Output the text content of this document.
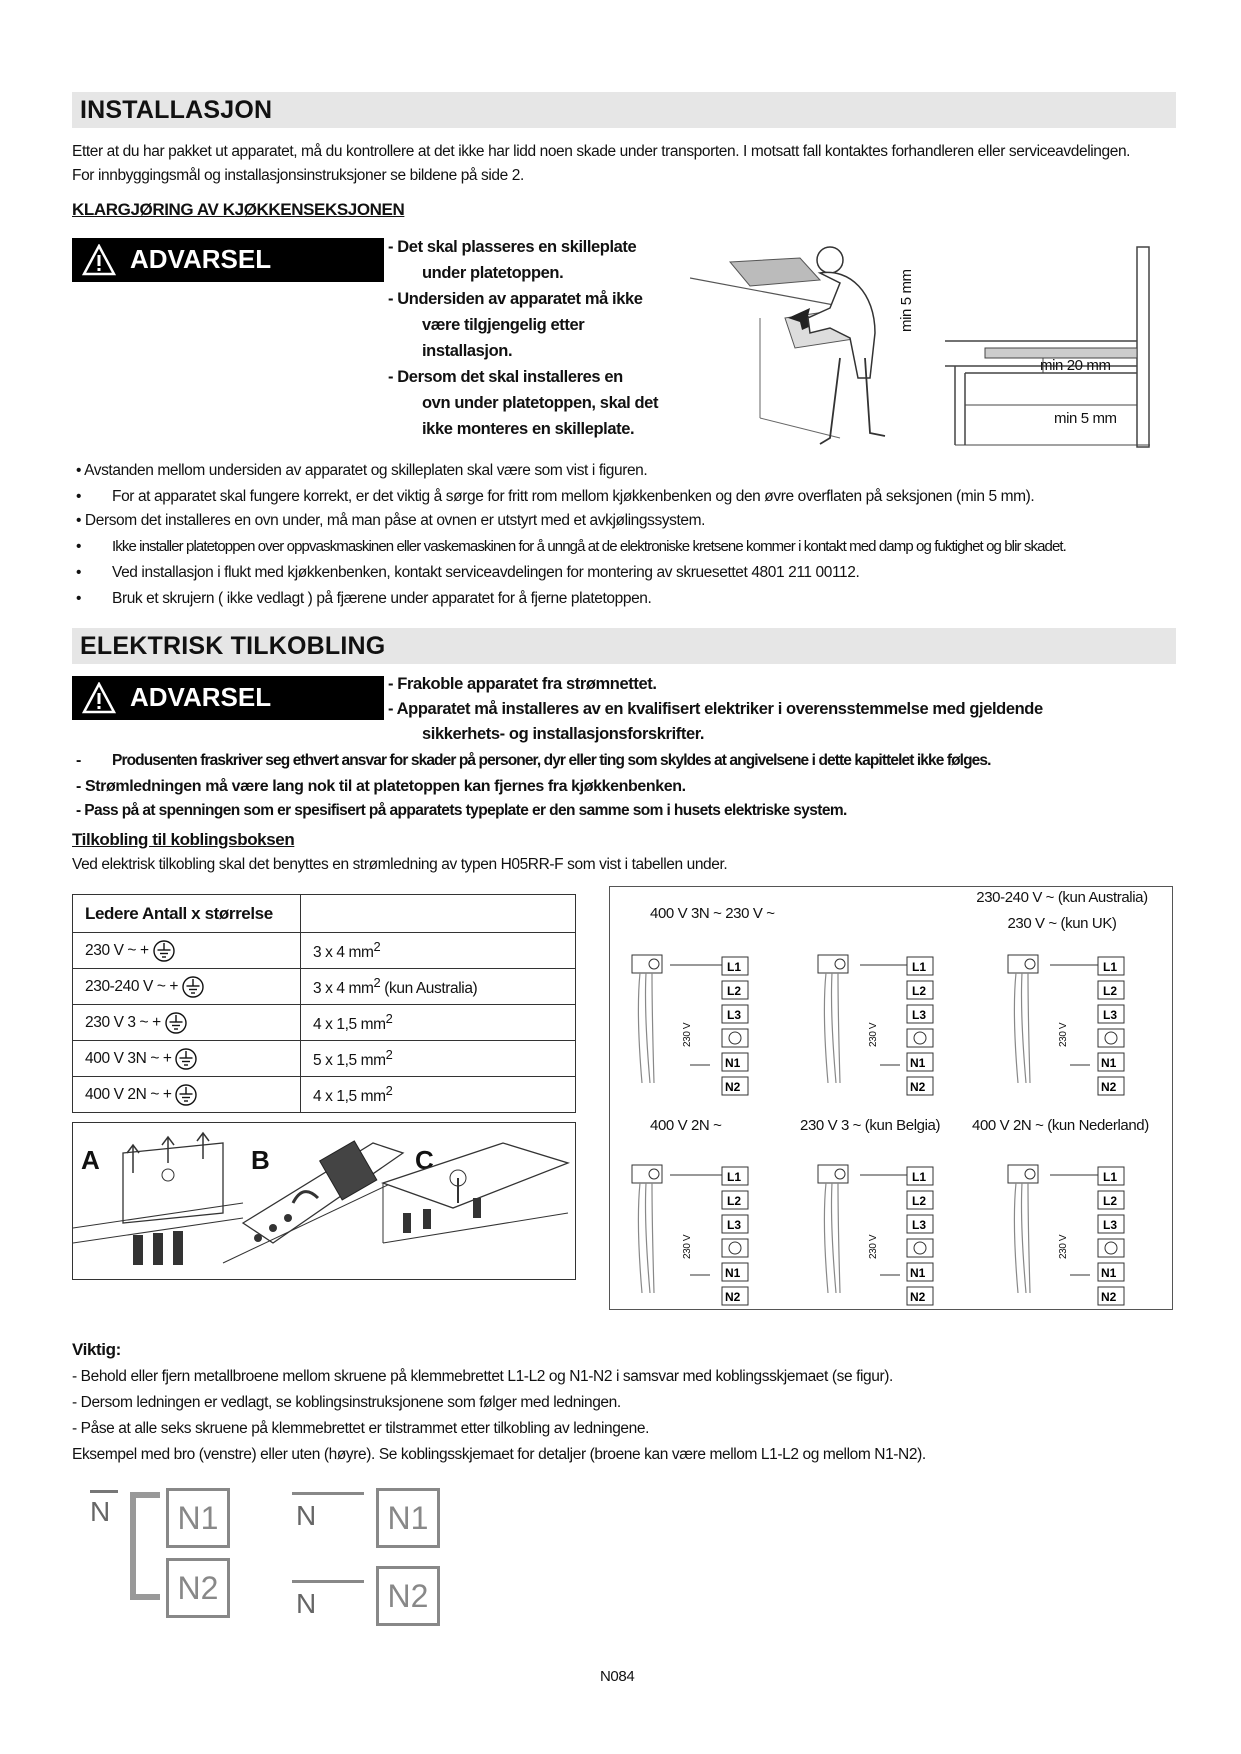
INSTALLASJON
Etter at du har pakket ut apparatet, må du kontrollere at det ikke har lidd noen skade under transporten. I motsatt fall kontaktes forhandleren eller serviceavdelingen.
For innbyggingsmål og installasjonsinstruksjoner se bildene på side 2.
KLARGJØRING AV KJØKKENSEKSJONEN
ADVARSEL	- Det skal plasseres en skilleplate
under platetoppen.
- Undersiden av apparatet må ikke
være tilgjengelig etter
installasjon.
- Dersom det skal installeres en
ovn under platetoppen, skal det
ikke monteres en skilleplate.
min 5 mm
min 20 mm
min 5 mm
• Avstanden mellom undersiden av apparatet og skilleplaten skal være som vist i figuren.
• For at apparatet skal fungere korrekt, er det viktig å sørge for fritt rom mellom kjøkkenbenken og den øvre overflaten på seksjonen (min 5 mm).
• Dersom det installeres en ovn under, må man påse at ovnen er utstyrt med et avkjølingssystem.
• Ikke installer platetoppen over oppvaskmaskinen eller vaskemaskinen for å unngå at de elektroniske kretsene kommer i kontakt med damp og fuktighet og blir skadet.
• Ved installasjon i flukt med kjøkkenbenken, kontakt serviceavdelingen for montering av skruesettet 4801 211 00112.
• Bruk et skrujern ( ikke vedlagt ) på fjærene under apparatet for å fjerne platetoppen.
ELEKTRISK TILKOBLING
ADVARSEL	- Frakoble apparatet fra strømnettet.
- Apparatet må installeres av en kvalifisert elektriker i overensstemmelse med gjeldende
sikkerhets- og installasjonsforskrifter.
- Produsenten fraskriver seg ethvert ansvar for skader på personer, dyr eller ting som skyldes at angivelsene i dette kapittelet ikke følges.
- Strømledningen må være lang nok til at platetoppen kan fjernes fra kjøkkenbenken.
- Pass på at spenningen som er spesifisert på apparatets typeplate er den samme som i husets elektriske system.
Tilkobling til koblingsboksen
Ved elektrisk tilkobling skal det benyttes en strømledning av typen H05RR-F som vist i tabellen under.
Ledere Antall x størrelse	
230 V ~ +	3 x 4 $mm^2$
230-240 V ~ +	3 x 4 $mm^2$ (kun Australia)
230 V 3 ~ +	4 x 1,5 $mm^2$
400 V 3N ~ +	5 x 1,5 $mm^2$
400 V 2N ~ +	4 x 1,5 $mm^2$
A	B	C
400 V 3N ~ 230 V ~
230-240 V ~ (kun Australia)
230 V ~ (kun UK)
400 V 2N ~	230 V 3 ~ (kun Belgia) 400 V 2N ~ (kun Nederland)
L1
L2
L3
N1
N2
230 V	230 V	230 V
230 V	230 V	230 V
Viktig:
- Behold eller fjern metallbroene mellom skruene på klemmebrettet L1-L2 og N1-N2 i samsvar med koblingsskjemaet (se figur).
- Dersom ledningen er vedlagt, se koblingsinstruksjonene som følger med ledningen.
- Påse at alle seks skruene på klemmebrettet er tilstrammet etter tilkobling av ledningene.
Eksempel med bro (venstre) eller uten (høyre). Se koblingsskjemaet for detaljer (broene kan være mellom L1-L2 og mellom N1-N2).
N	N1
N2
N
N
N1
N2
N084
